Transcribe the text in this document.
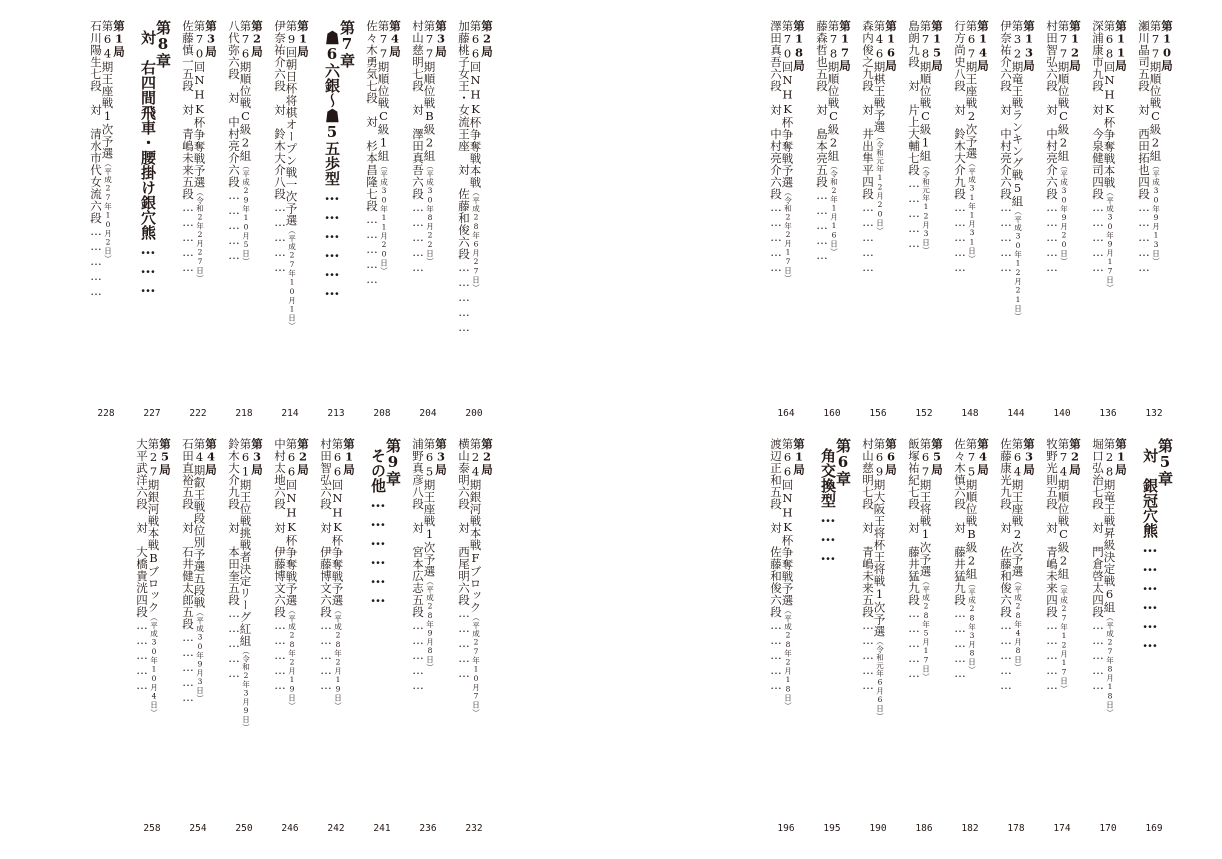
第2局
第66回NHK杯争奪戦本戦（平成28年6月27日）
加藤桃子女王・女流王座　対　佐藤和俊六段……………
200
第3局
第77期順位戦B級2組（平成30年8月22日）
村山慈明七段　対　澤田真吾六段……………
204
第4局
第77期順位戦C級1組（平成30年11月20日）
佐々木勇気七段　対　杉本昌隆七段……………
208
第7章
☗6六銀〜☗5五歩型………………
213
第1局
第9回朝日杯将棋オープン戦一次予選（平成27年10月1日）
伊奈祐介六段　対　鈴木大介八段……………
214
第2局
第76期順位戦C級2組（平成29年10月5日）
八代弥六段　対　中村亮介六段……………
218
第3局
第70回NHK杯争奪戦予選（令和2年2月27日）
佐藤慎一五段　対　青嶋未来五段……………
222
第8章
対　右四間飛車・腰掛け銀穴熊………
227
第1局
第64期王座戦1次予選（平成27年10月2日）
石川陽生七段　対　清水市代女流六段……………
228
第10局
第77期順位戦C級2組（平成30年9月13日）
瀬川晶司五段　対　西田拓也四段……………
132
第11局
第68回NHK杯争奪戦本戦（平成30年9月17日）
深浦康市九段　対　今泉健司四段……………
136
第12局
第77期順位戦C級2組（平成30年9月20日）
村田智弘六段　対　中村亮介六段……………
140
第13局
第32期竜王戦ランキング戦5組（平成30年12月21日）
伊奈祐介六段　対　中村亮介六段……………
144
第14局
第67期王座戦2次予選（平成31年1月31日）
行方尚史八段　対　鈴木大介九段……………
148
第15局
第78期順位戦C級1組（令和元年12月3日）
島朗九段　対　片上大輔七段……………
152
第16局
第46期棋王戦予選（令和元年12月20日）
森内俊之九段　対　井出隼平四段……………
156
第17局
第78期順位戦C級2組（令和2年1月16日）
藤森哲也五段　対　島本亮五段……………
160
第18局
第70回NHK杯争奪戦予選（令和2年2月17日）
澤田真吾六段　対　中村亮介六段……………
164
第2局
第24期銀河戦本戦Fブロック（平成27年10月7日）
横山泰明六段　対　西尾明六段……………
232
第3局
第65期王座戦1次予選（平成28年9月8日）
浦野真彦八段　対　宮本広志五段……………
236
第9章
その他………………
241
第1局
第66回NHK杯争奪戦予選（平成28年2月19日）
村田智弘六段　対　伊藤博文六段……………
242
第2局
第66回NHK杯争奪戦予選（平成28年2月19日）
中村太地六段　対　伊藤博文六段……………
246
第3局
第61期王位戦挑戦者決定リーグ紅組（令和2年3月9日）
鈴木大介九段　対　本田奎五段……………
250
第4局
第4期叡王戦段位別予選五段戦（平成30年9月3日）
石田直裕五段　対　石井健太郎五段……………
254
第5局
第27期銀河戦本戦Bブロック（平成30年10月4日）
大平武洋六段　対　大橋貴洸四段……………
258
第5章
対　銀冠穴熊………………
169
第1局
第28期竜王戦昇級決定戦6組（平成27年8月18日）
堀口弘治七段　対　門倉啓太四段……………
170
第2局
第74期順位戦C級2組（平成27年12月17日）
牧野光則五段　対　青嶋未来四段……………
174
第3局
第64期王座戦2次予選（平成28年4月8日）
佐藤康光九段　対　佐藤和俊六段……………
178
第4局
第75期順位戦B級2組（平成28年3月8日）
佐々木慎六段　対　藤井猛九段……………
182
第5局
第67期王将戦1次予選（平成28年5月17日）
飯塚祐紀七段　対　藤井猛九段……………
186
第6局
第69期大阪王将杯王将戦1次予選（令和元年6月6日）
村山慈明七段　対　青嶋未来五段……………
190
第6章
角交換型………
195
第1局
第66回NHK杯争奪戦予選（平成28年2月18日）
渡辺正和五段　対　佐藤和俊六段……………
196
